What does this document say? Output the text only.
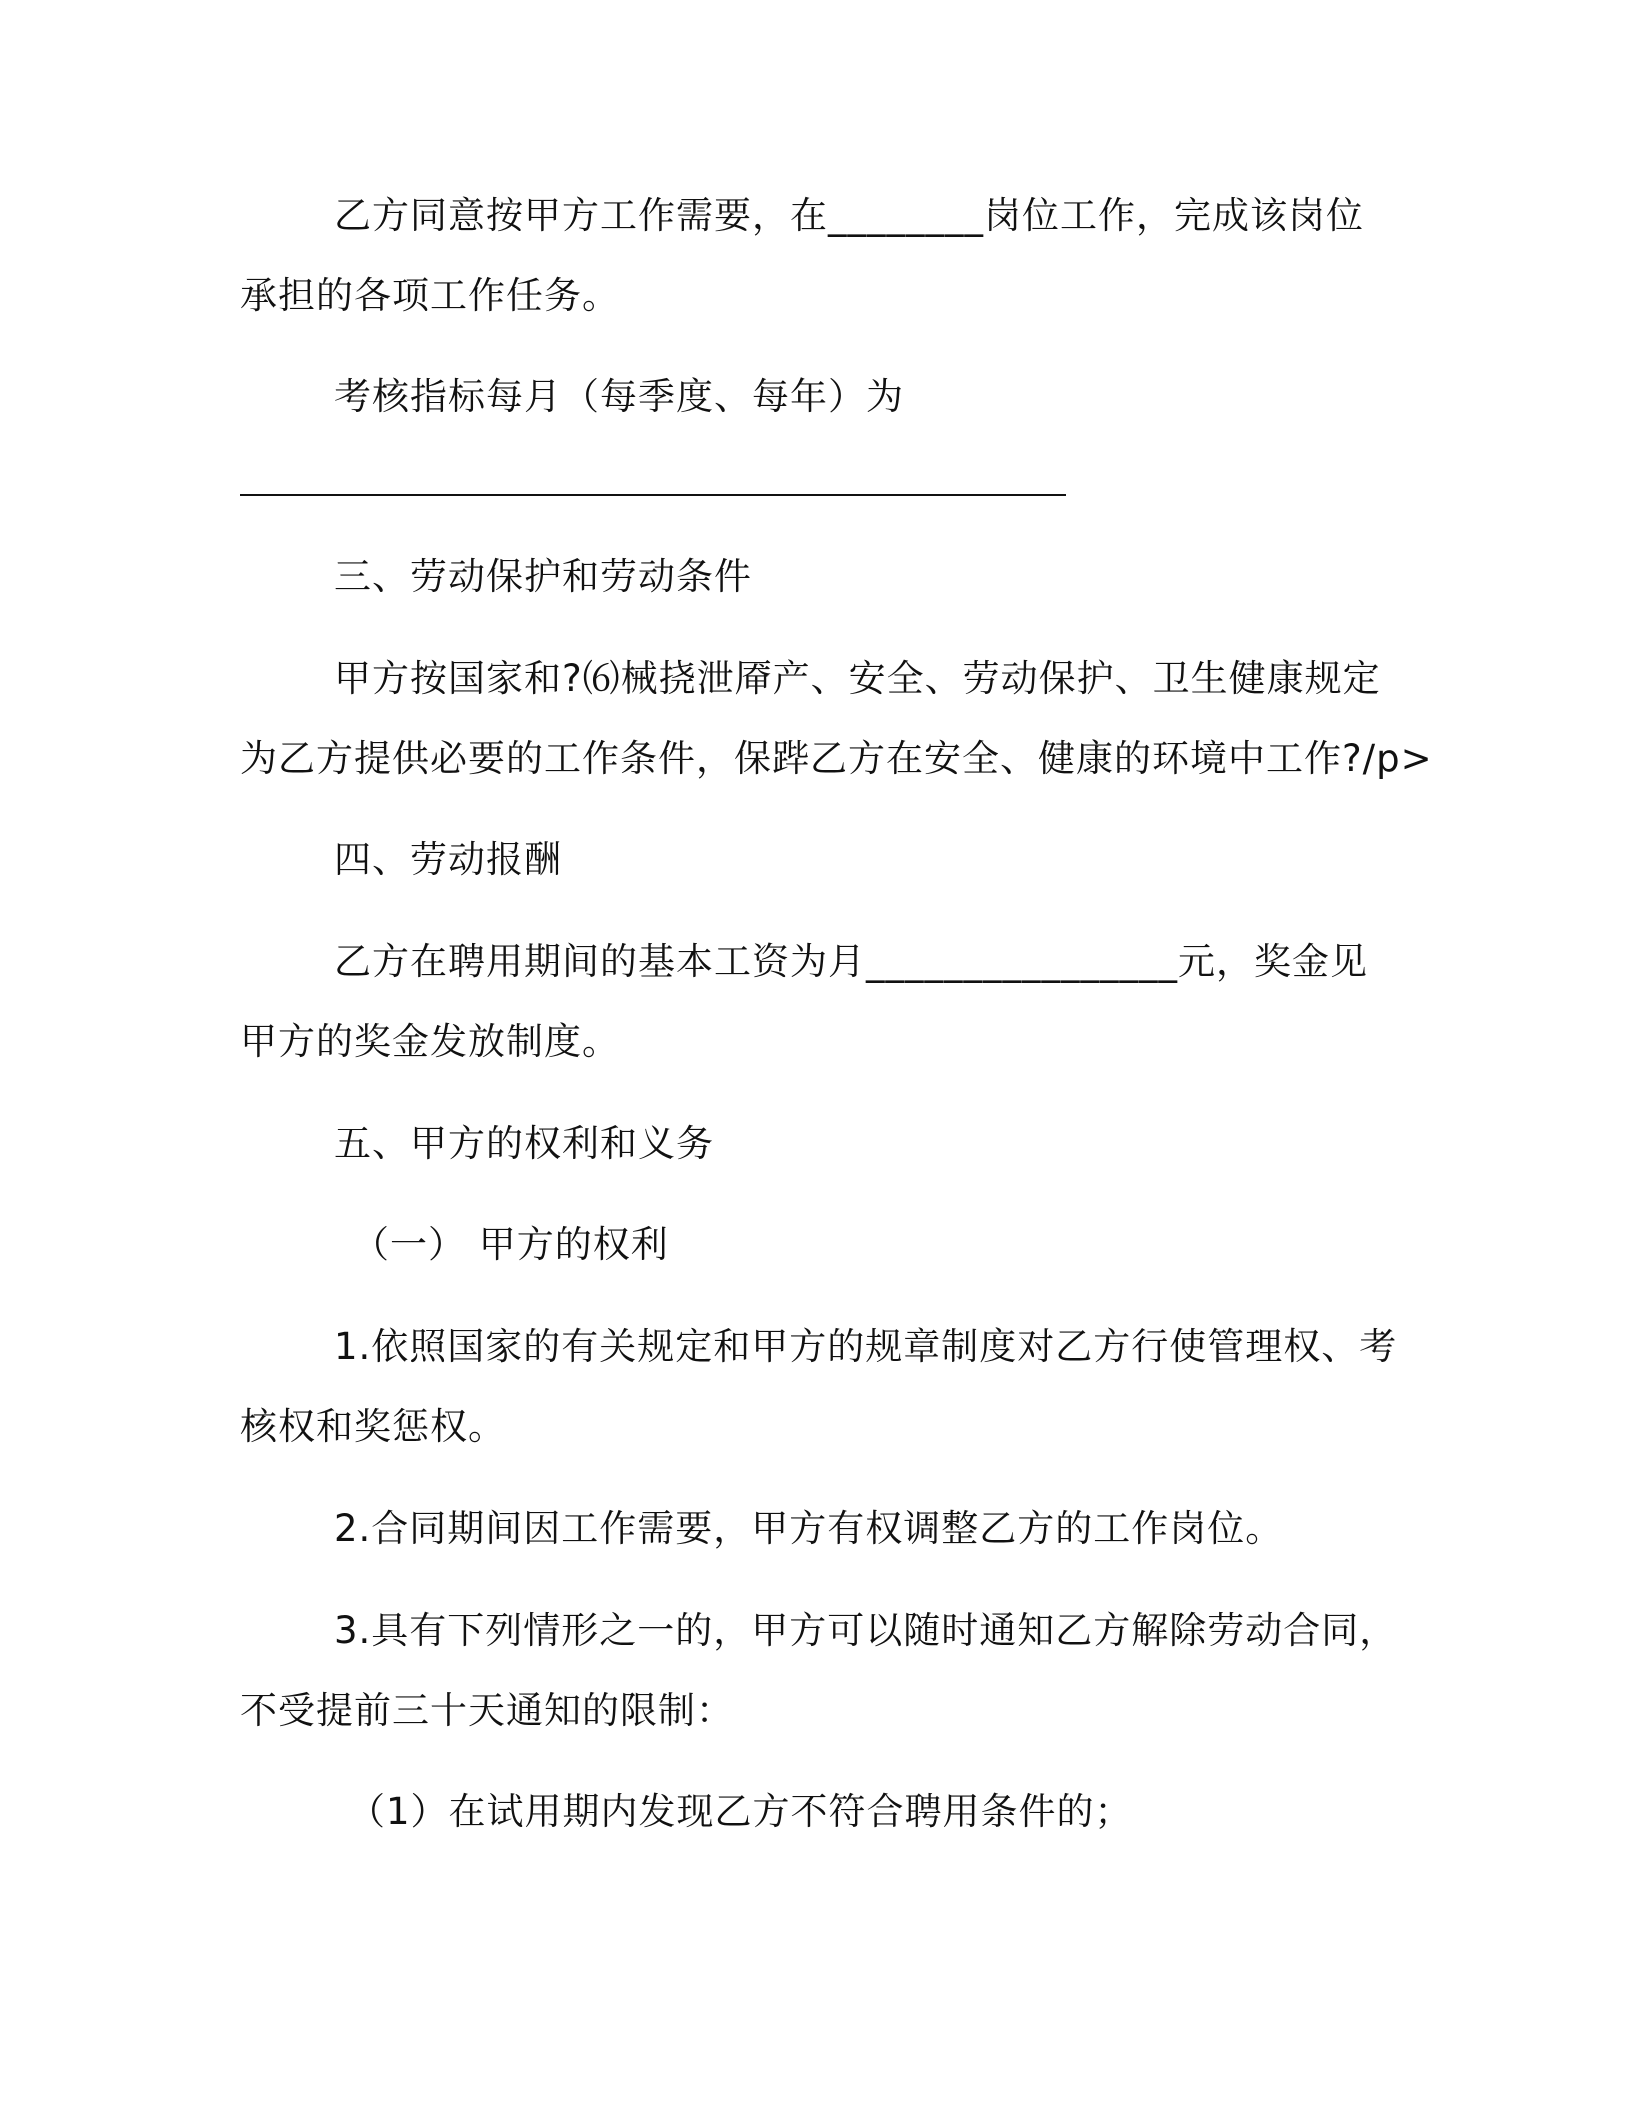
乙方同意按甲方工作需要，在________岗位工作，完成该岗位
承担的各项工作任务。
考核指标每月（每季度、每年）为
三、劳动保护和劳动条件
甲方按国家和?⑹械挠泄厣产、安全、劳动保护、卫生健康规定
为乙方提供必要的工作条件，保跸乙方在安全、健康的环境中工作?/p>
四、劳动报酬
乙方在聘用期间的基本工资为月________________元，奖金见
甲方的奖金发放制度。
五、甲方的权利和义务
（一） 甲方的权利
1.依照国家的有关规定和甲方的规章制度对乙方行使管理权、考
核权和奖惩权。
2.合同期间因工作需要，甲方有权调整乙方的工作岗位。
3.具有下列情形之一的，甲方可以随时通知乙方解除劳动合同，
不受提前三十天通知的限制：
（1）在试用期内发现乙方不符合聘用条件的；
